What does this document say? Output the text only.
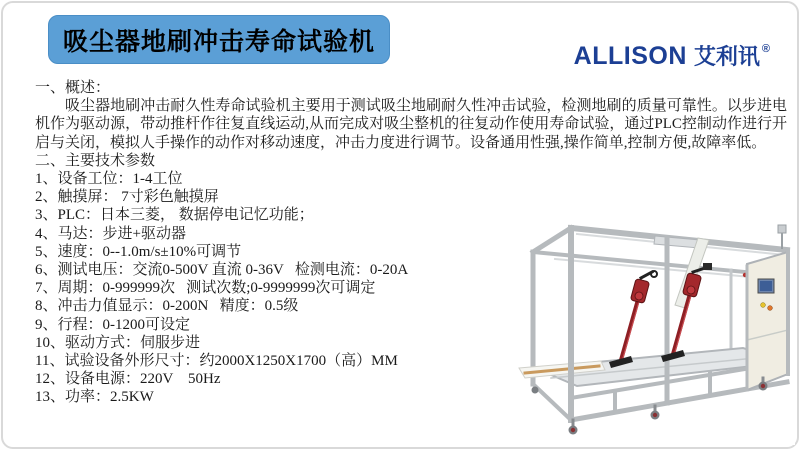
吸尘器地刷冲击寿命试验机	ALLISON 艾利讯 ®
一、概述：
吸尘器地刷冲击耐久性寿命试验机主要用于测试吸尘地刷耐久性冲击试验，检测地刷的质量可靠性。以步进电机作为驱动源，带动推杆作往复直线运动,从而完成对吸尘整机的往复动作使用寿命试验，通过PLC控制动作进行开启与关闭，模拟人手操作的动作对移动速度，冲击力度进行调节。设备通用性强,操作简单,控制方便,故障率低。
二、主要技术参数
1、设备工位：1-4工位
2、触摸屏： 7寸彩色触摸屏
3、PLC：日本三菱， 数据停电记忆功能；
4、马达：步进+驱动器
5、速度：0--1.0m/s±10%可调节
6、测试电压：交流0-500V 直流 0-36V   检测电流：0-20A
7、周期：0-999999次   测试次数;0-9999999次可调定
8、冲击力值显示：0-200N   精度：0.5级
9、行程：0-1200可设定
10、驱动方式：伺服步进
11、试验设备外形尺寸：约2000X1250X1700（高）MM
12、设备电源：220V    50Hz
13、功率：2.5KW
